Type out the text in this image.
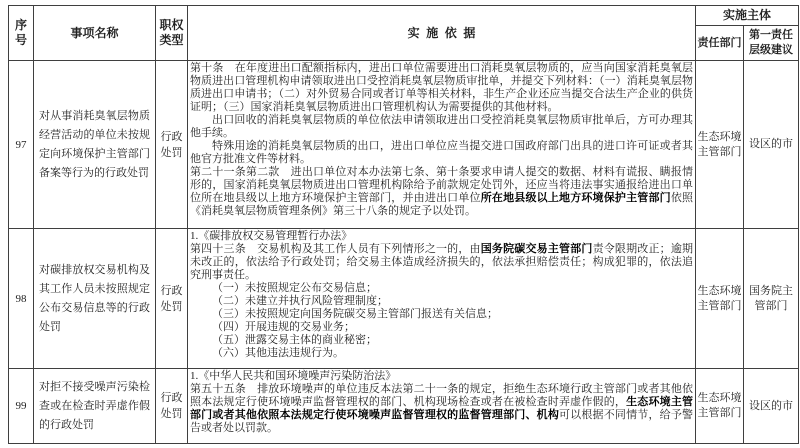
序号	事项名称	职权类型	实施依据	实施主体	
				责任部门	第一责任层级建议
97	对从事消耗臭氧层物质经营活动的单位未按规定向环境保护主管部门备案等行为的行政处罚	行政处罚	第十条　在年度进出口配额指标内，进出口单位需要进出口消耗臭氧层物质的，应当向国家消耗臭氧层物质进出口管理机构申请领取进出口受控消耗臭氧层物质审批单，并提交下列材料：（一）消耗臭氧层物质进出口申请书；（二）对外贸易合同或者订单等相关材料，非生产企业还应当提交合法生产企业的供货证明；（三）国家消耗臭氧层物质进出口管理机构认为需要提供的其他材料。

出口回收的消耗臭氧层物质的单位依法申请领取进出口受控消耗臭氧层物质审批单后，方可办理其他手续。

特殊用途的消耗臭氧层物质的出口，进出口单位应当提交进口国政府部门出具的进口许可证或者其他官方批准文件等材料。

第二十一条第二款　进出口单位对本办法第七条、第十条要求申请人提交的数据、材料有谎报、瞒报情形的，国家消耗臭氧层物质进出口管理机构除给予前款规定处罚外，还应当将违法事实通报给进出口单位所在地县级以上地方环境保护主管部门，并由进出口单位所在地县级以上地方环境保护主管部门依照《消耗臭氧层物质管理条例》第三十八条的规定予以处罚。	生态环境主管部门	设区的市
98	对碳排放权交易机构及其工作人员未按照规定公布交易信息等的行政处罚	行政处罚	

1.《碳排放权交易管理暂行办法》

第四十三条　交易机构及其工作人员有下列情形之一的，由国务院碳交易主管部门责令限期改正；逾期未改正的，依法给予行政处罚；给交易主体造成经济损失的，依法承担赔偿责任；构成犯罪的，依法追究刑事责任。

（一）未按照规定公布交易信息；

（二）未建立并执行风险管理制度；

（三）未按照规定向国务院碳交易主管部门报送有关信息；

（四）开展违规的交易业务；

（五）泄露交易主体的商业秘密；

（六）其他违法违规行为。

	生态环境主管部门	国务院主管部门
99	对拒不接受噪声污染检查或在检查时弄虚作假的行政处罚	行政处罚	1.《中华人民共和国环境噪声污染防治法》

第五十五条　排放环境噪声的单位违反本法第二十一条的规定，拒绝生态环境行政主管部门或者其他依照本法规定行使环境噪声监督管理权的部门、机构现场检查或者在被检查时弄虚作假的，生态环境主管部门或者其他依照本法规定行使环境噪声监督管理权的监督管理部门、机构可以根据不同情节，给予警告或者处以罚款。	生态环境主管部门	设区的市
